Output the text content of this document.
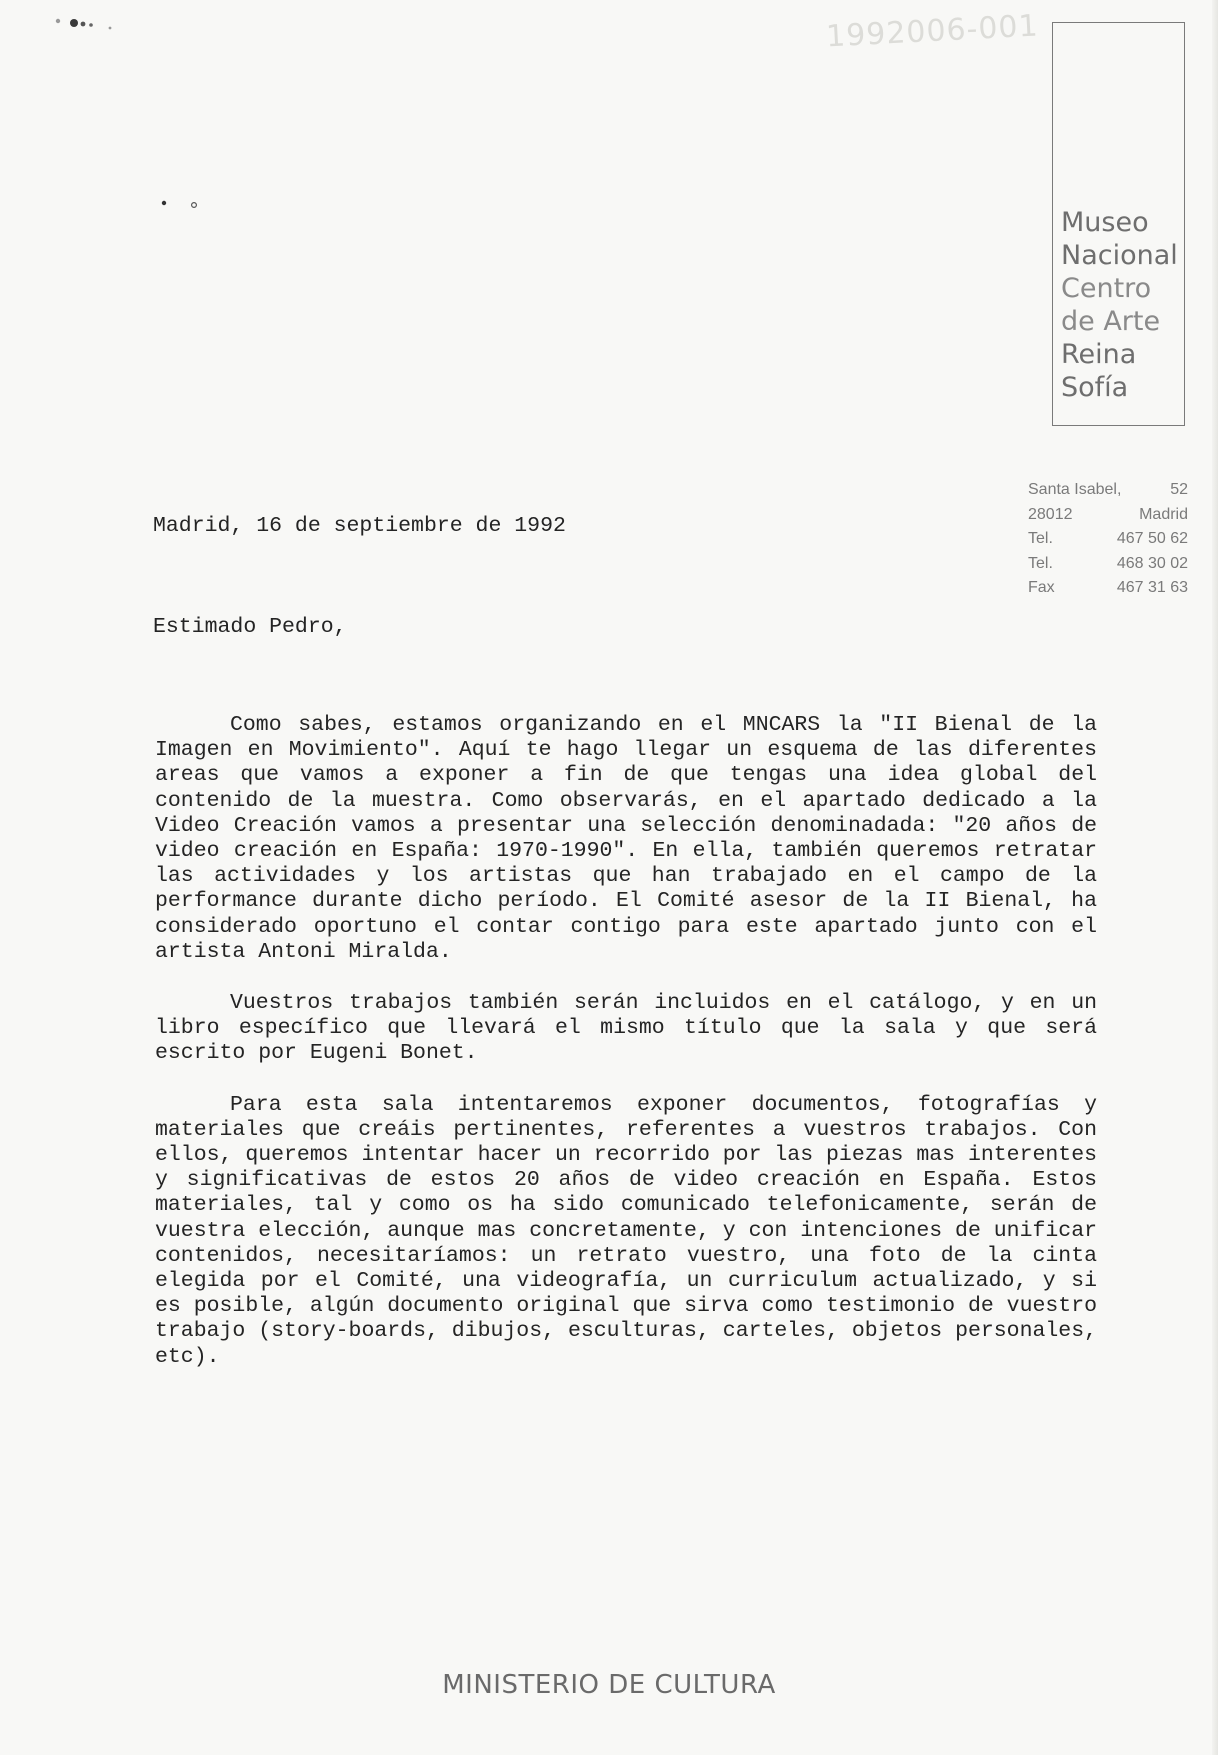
1992006-001
Museo
Nacional
Centro
de Arte
Reina
Sofía
Santa Isabel,	52
28012	Madrid
Tel.	467 50 62
Tel.	468 30 02
Fax	467 31 63
Madrid, 16 de septiembre de 1992
Estimado Pedro,

Como sabes, estamos organizando en el MNCARS la "II Bienal de la Imagen en Movimiento". Aquí te hago llegar un esquema de las diferentes areas que vamos a exponer a fin de que tengas una idea global del contenido de la muestra. Como observarás, en el apartado dedicado a la Video Creación vamos a presentar una selección denominadada: "20 años de video creación en España: 1970-1990". En ella, también queremos retratar las actividades y los artistas que han trabajado en el campo de la performance durante dicho período. El Comité asesor de la II Bienal, ha considerado oportuno el contar contigo para este apartado junto con el artista Antoni Miralda.

Vuestros trabajos también serán incluidos en el catálogo, y en un libro específico que llevará el mismo título que la sala y que será escrito por Eugeni Bonet.

Para esta sala intentaremos exponer documentos, fotografías y materiales que creáis pertinentes, referentes a vuestros trabajos. Con ellos, queremos intentar hacer un recorrido por las piezas mas interentes y significativas de estos 20 años de video creación en España. Estos materiales, tal y como os ha sido comunicado telefonicamente, serán de vuestra elección, aunque mas concretamente, y con intenciones de unificar contenidos, necesitaríamos: un retrato vuestro, una foto de la cinta elegida por el Comité, una videografía, un curriculum actualizado, y si es posible, algún documento original que sirva como testimonio de vuestro trabajo (story-boards, dibujos, esculturas, carteles, objetos personales, etc).

MINISTERIO DE CULTURA
